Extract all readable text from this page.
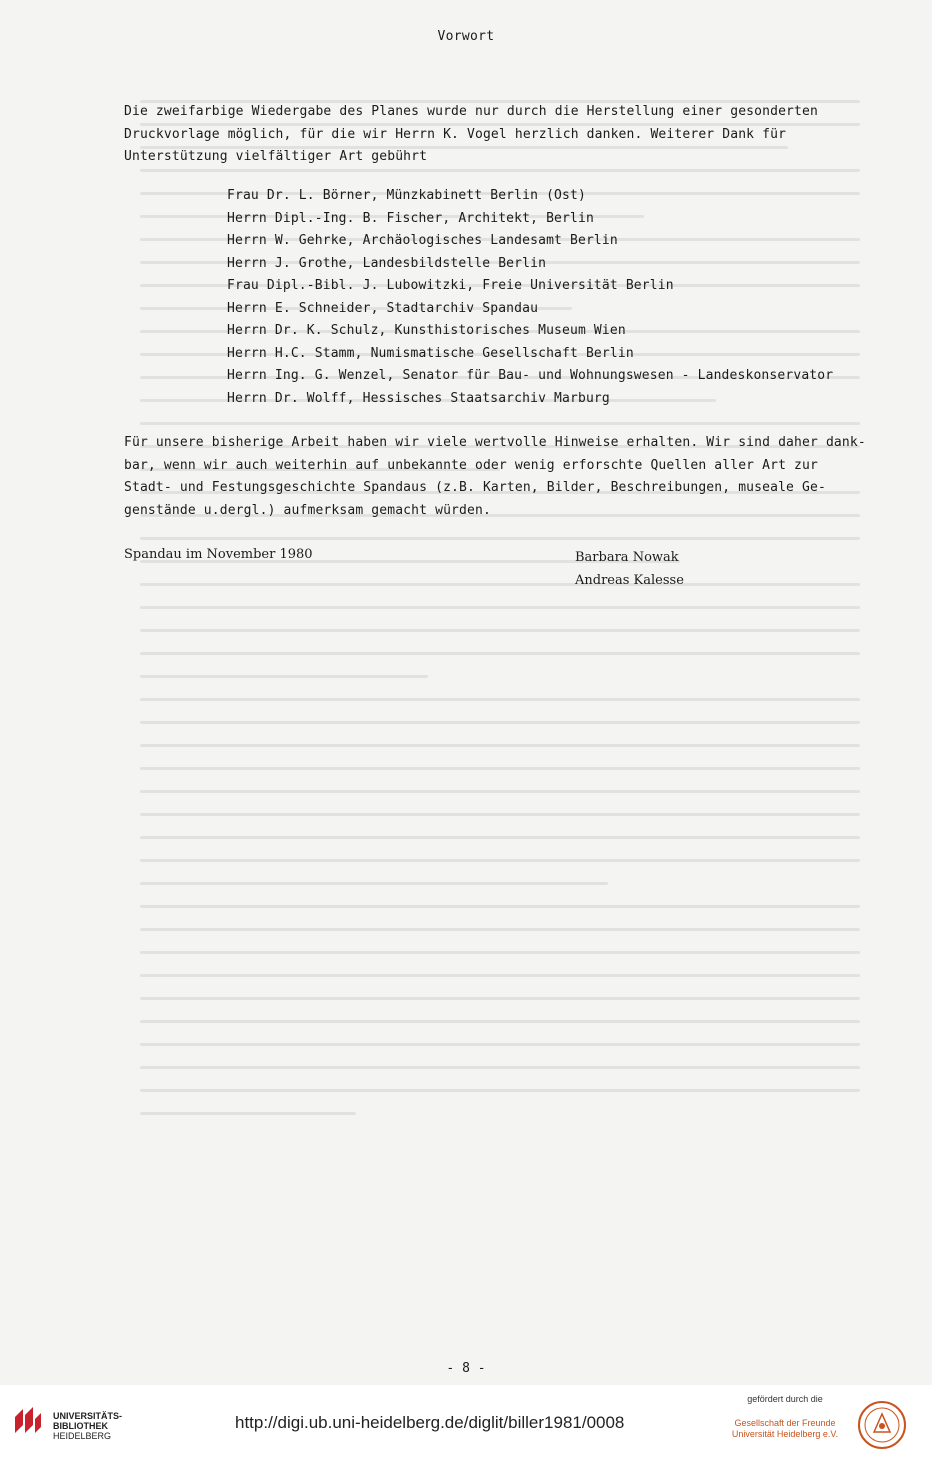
Vorwort
Die zweifarbige Wiedergabe des Planes wurde nur durch die Herstellung einer gesonderten
Druckvorlage möglich, für die wir Herrn K. Vogel herzlich danken. Weiterer Dank für
Unterstützung vielfältiger Art gebührt
Frau Dr. L. Börner, Münzkabinett Berlin (Ost)
Herrn Dipl.-Ing. B. Fischer, Architekt, Berlin
Herrn W. Gehrke, Archäologisches Landesamt Berlin
Herrn J. Grothe, Landesbildstelle Berlin
Frau Dipl.-Bibl. J. Lubowitzki, Freie Universität Berlin
Herrn E. Schneider, Stadtarchiv Spandau
Herrn Dr. K. Schulz, Kunsthistorisches Museum Wien
Herrn H.C. Stamm, Numismatische Gesellschaft Berlin
Herrn Ing. G. Wenzel, Senator für Bau- und Wohnungswesen - Landeskonservator
Herrn Dr. Wolff, Hessisches Staatsarchiv Marburg
Für unsere bisherige Arbeit haben wir viele wertvolle Hinweise erhalten. Wir sind daher dank-
bar, wenn wir auch weiterhin auf unbekannte oder wenig erforschte Quellen aller Art zur
Stadt- und Festungsgeschichte Spandaus (z.B. Karten, Bilder, Beschreibungen, museale Ge-
genstände u.dergl.) aufmerksam gemacht würden.
Spandau im November 1980	Barbara Nowak
Andreas Kalesse
- 8 -
UNIVERSITÄTS-
BIBLIOTHEK
HEIDELBERG
http://digi.ub.uni-heidelberg.de/diglit/biller1981/0008
gefördert durch die
Gesellschaft der Freunde
Universität Heidelberg e.V.
